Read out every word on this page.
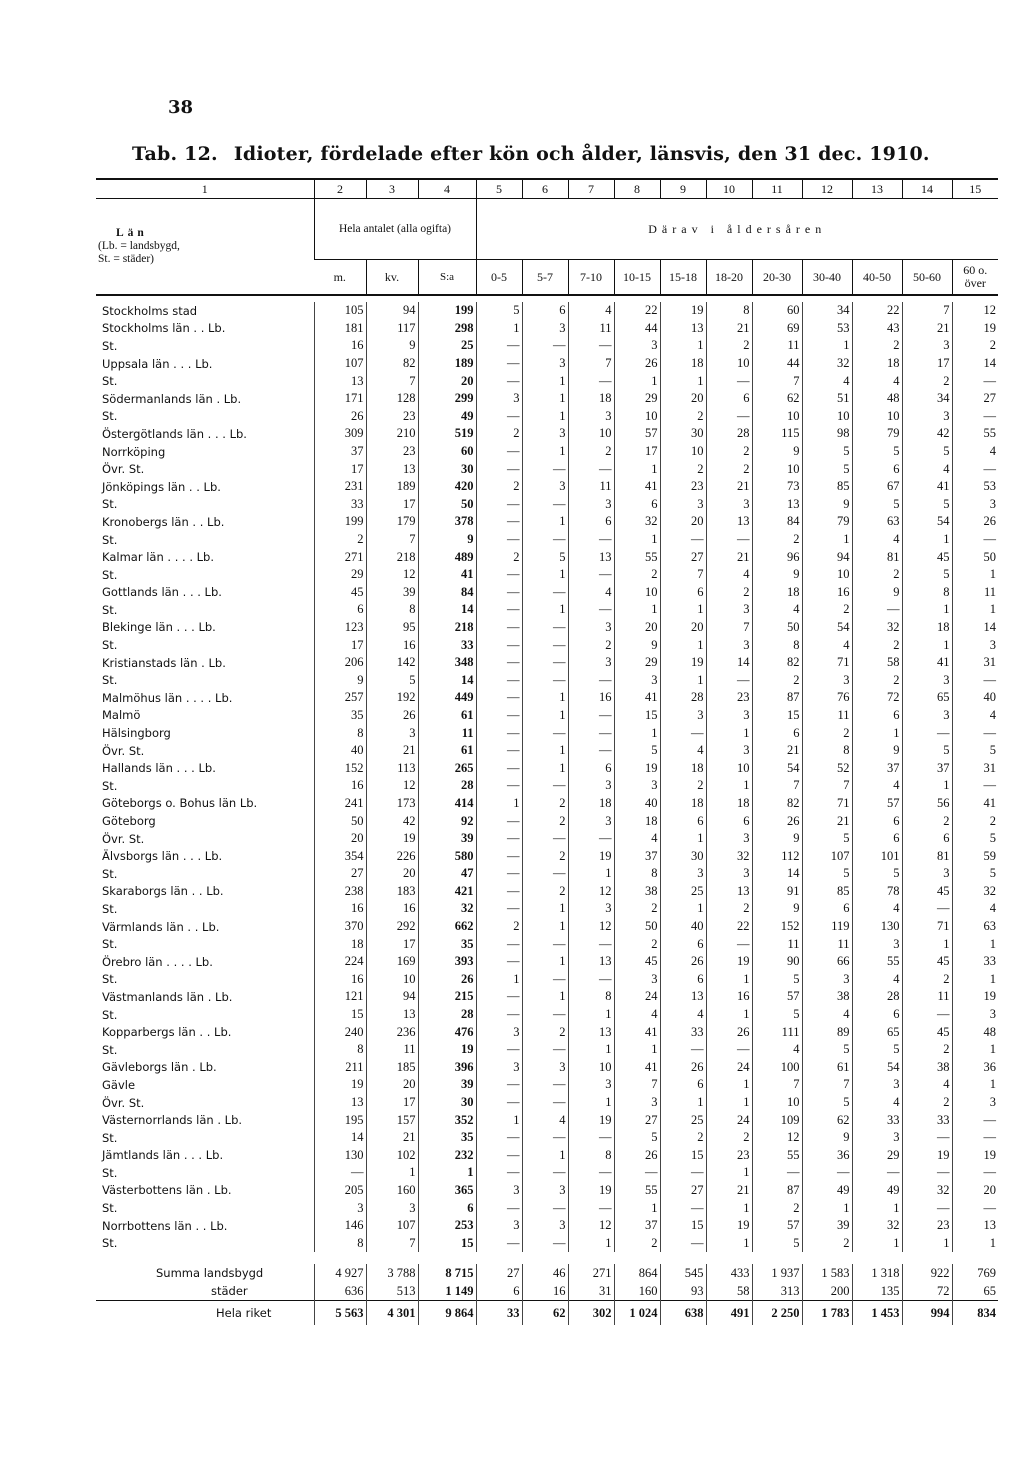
38
Tab. 12. Idioter, fördelade efter kön och ålder, länsvis, den 31 dec. 1910.
1	2	3	4	5	6	7	8	9	10	11	12	13	14	15

Län
(Lb. = landsbygd,
St. = städer)	Hela antalet (alla ogifta)			Därav i åldersåren										
	m.	kv.	S:a	0-5	5-7	7-10	10-15	15-18	18-20	20-30	30-40	40-50	50-60	60 o. över

Stockholms stad	105	94	199	5	6	4	22	19	8	60	34	22	7	12
Stockholms län . . Lb.	181	117	298	1	3	11	44	13	21	69	53	43	21	19
St.	16	9	25	—	—	—	3	1	2	11	1	2	3	2
Uppsala län . . . Lb.	107	82	189	—	3	7	26	18	10	44	32	18	17	14
St.	13	7	20	—	1	—	1	1	—	7	4	4	2	—
Södermanlands län . Lb.	171	128	299	3	1	18	29	20	6	62	51	48	34	27
St.	26	23	49	—	1	3	10	2	—	10	10	10	3	—
Östergötlands län . . . Lb.	309	210	519	2	3	10	57	30	28	115	98	79	42	55
Norrköping	37	23	60	—	1	2	17	10	2	9	5	5	5	4
Övr. St.	17	13	30	—	—	—	1	2	2	10	5	6	4	—
Jönköpings län . . Lb.	231	189	420	2	3	11	41	23	21	73	85	67	41	53
St.	33	17	50	—	—	3	6	3	3	13	9	5	5	3
Kronobergs län . . Lb.	199	179	378	—	1	6	32	20	13	84	79	63	54	26
St.	2	7	9	—	—	—	1	—	—	2	1	4	1	—
Kalmar län . . . . Lb.	271	218	489	2	5	13	55	27	21	96	94	81	45	50
St.	29	12	41	—	1	—	2	7	4	9	10	2	5	1
Gottlands län . . . Lb.	45	39	84	—	—	4	10	6	2	18	16	9	8	11
St.	6	8	14	—	1	—	1	1	3	4	2	—	1	1
Blekinge län . . . Lb.	123	95	218	—	—	3	20	20	7	50	54	32	18	14
St.	17	16	33	—	—	2	9	1	3	8	4	2	1	3
Kristianstads län . Lb.	206	142	348	—	—	3	29	19	14	82	71	58	41	31
St.	9	5	14	—	—	—	3	1	—	2	3	2	3	—
Malmöhus län . . . . Lb.	257	192	449	—	1	16	41	28	23	87	76	72	65	40
Malmö	35	26	61	—	1	—	15	3	3	15	11	6	3	4
Hälsingborg	8	3	11	—	—	—	1	—	1	6	2	1	—	—
Övr. St.	40	21	61	—	1	—	5	4	3	21	8	9	5	5
Hallands län . . . Lb.	152	113	265	—	1	6	19	18	10	54	52	37	37	31
St.	16	12	28	—	—	3	3	2	1	7	7	4	1	—
Göteborgs o. Bohus län Lb.	241	173	414	1	2	18	40	18	18	82	71	57	56	41
Göteborg	50	42	92	—	2	3	18	6	6	26	21	6	2	2
Övr. St.	20	19	39	—	—	—	4	1	3	9	5	6	6	5
Älvsborgs län . . . Lb.	354	226	580	—	2	19	37	30	32	112	107	101	81	59
St.	27	20	47	—	—	1	8	3	3	14	5	5	3	5
Skaraborgs län . . Lb.	238	183	421	—	2	12	38	25	13	91	85	78	45	32
St.	16	16	32	—	1	3	2	1	2	9	6	4	—	4
Värmlands län . . Lb.	370	292	662	2	1	12	50	40	22	152	119	130	71	63
St.	18	17	35	—	—	—	2	6	—	11	11	3	1	1
Örebro län . . . . Lb.	224	169	393	—	1	13	45	26	19	90	66	55	45	33
St.	16	10	26	1	—	—	3	6	1	5	3	4	2	1
Västmanlands län . Lb.	121	94	215	—	1	8	24	13	16	57	38	28	11	19
St.	15	13	28	—	—	1	4	4	1	5	4	6	—	3
Kopparbergs län . . Lb.	240	236	476	3	2	13	41	33	26	111	89	65	45	48
St.	8	11	19	—	—	1	1	—	—	4	5	5	2	1
Gävleborgs län . Lb.	211	185	396	3	3	10	41	26	24	100	61	54	38	36
Gävle	19	20	39	—	—	3	7	6	1	7	7	3	4	1
Övr. St.	13	17	30	—	—	1	3	1	1	10	5	4	2	3
Västernorrlands län . Lb.	195	157	352	1	4	19	27	25	24	109	62	33	33	—
St.	14	21	35	—	—	—	5	2	2	12	9	3	—	—
Jämtlands län . . . Lb.	130	102	232	—	1	8	26	15	23	55	36	29	19	19
St.	—	1	1	—	—	—	—	—	1	—	—	—	—	—
Västerbottens län . Lb.	205	160	365	3	3	19	55	27	21	87	49	49	32	20
St.	3	3	6	—	—	—	1	—	1	2	1	1	—	—
Norrbottens län . . Lb.	146	107	253	3	3	12	37	15	19	57	39	32	23	13
St.	8	7	15	—	—	1	2	—	1	5	2	1	1	1

Summa landsbygd	4 927	3 788	8 715	27	46	271	864	545	433	1 937	1 583	1 318	922	769
städer	636	513	1 149	6	16	31	160	93	58	313	200	135	72	65
Hela riket	5 563	4 301	9 864	33	62	302	1 024	638	491	2 250	1 783	1 453	994	834
